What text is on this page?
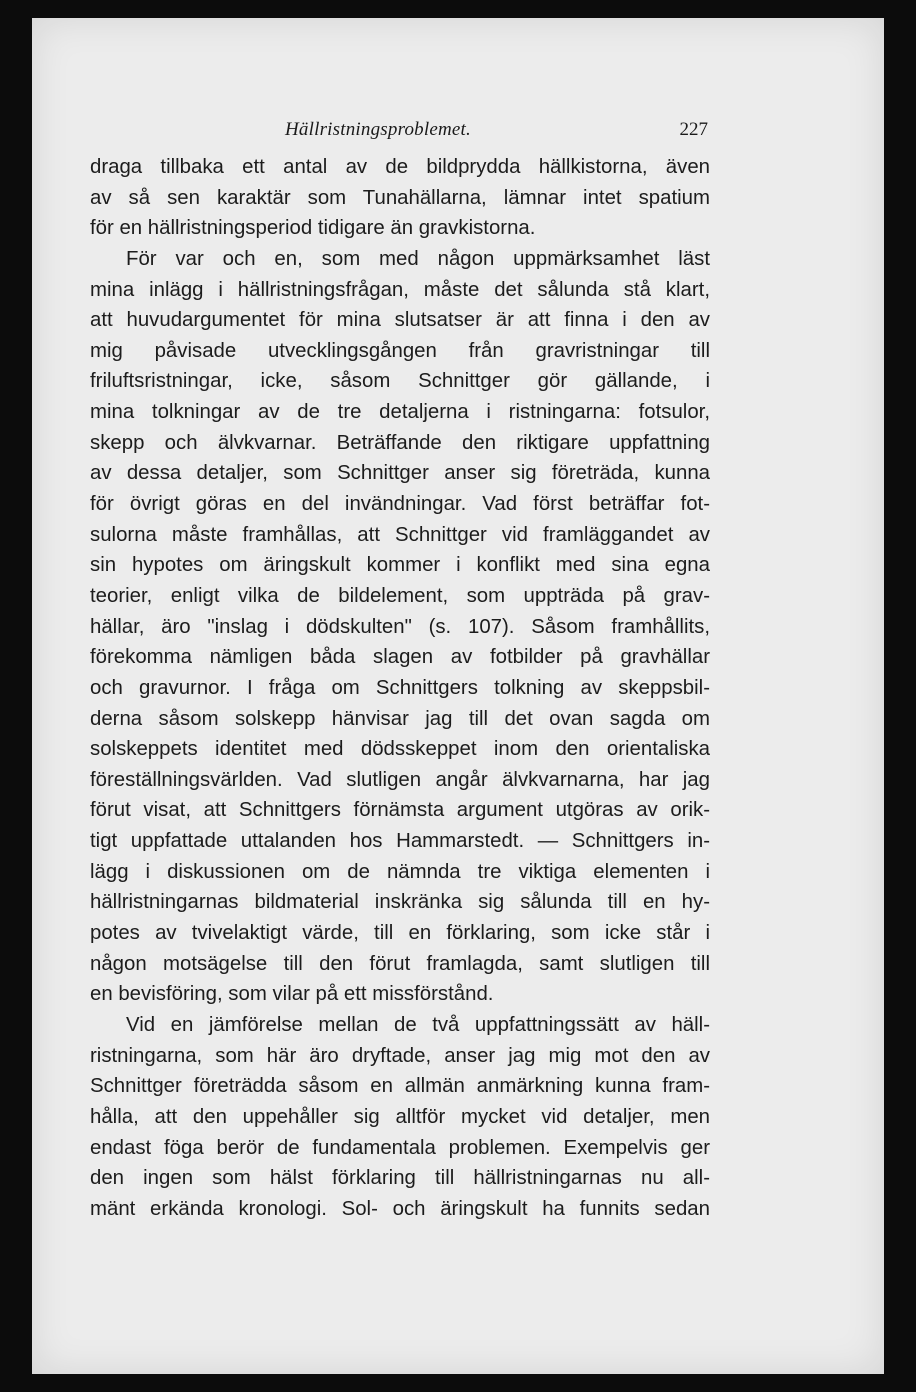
Hällristningsproblemet.	227
draga tillbaka ett antal av de bildprydda hällkistorna, även
av så sen karaktär som Tunahällarna, lämnar intet spatium
för en hällristningsperiod tidigare än gravkistorna.
För var och en, som med någon uppmärksamhet läst
mina inlägg i hällristningsfrågan, måste det sålunda stå klart,
att huvudargumentet för mina slutsatser är att finna i den av
mig påvisade utvecklingsgången från gravristningar till
friluftsristningar, icke, såsom Schnittger gör gällande, i
mina tolkningar av de tre detaljerna i ristningarna: fotsulor,
skepp och älvkvarnar. Beträffande den riktigare uppfattning
av dessa detaljer, som Schnittger anser sig företräda, kunna
för övrigt göras en del invändningar. Vad först beträffar fot-
sulorna måste framhållas, att Schnittger vid framläggandet av
sin hypotes om äringskult kommer i konflikt med sina egna
teorier, enligt vilka de bildelement, som uppträda på grav-
hällar, äro "inslag i dödskulten" (s. 107). Såsom framhållits,
förekomma nämligen båda slagen av fotbilder på gravhällar
och gravurnor. I fråga om Schnittgers tolkning av skeppsbil-
derna såsom solskepp hänvisar jag till det ovan sagda om
solskeppets identitet med dödsskeppet inom den orientaliska
föreställningsvärlden. Vad slutligen angår älvkvarnarna, har jag
förut visat, att Schnittgers förnämsta argument utgöras av orik-
tigt uppfattade uttalanden hos Hammarstedt. — Schnittgers in-
lägg i diskussionen om de nämnda tre viktiga elementen i
hällristningarnas bildmaterial inskränka sig sålunda till en hy-
potes av tvivelaktigt värde, till en förklaring, som icke står i
någon motsägelse till den förut framlagda, samt slutligen till
en bevisföring, som vilar på ett missförstånd.
Vid en jämförelse mellan de två uppfattningssätt av häll-
ristningarna, som här äro dryftade, anser jag mig mot den av
Schnittger företrädda såsom en allmän anmärkning kunna fram-
hålla, att den uppehåller sig alltför mycket vid detaljer, men
endast föga berör de fundamentala problemen. Exempelvis ger
den ingen som hälst förklaring till hällristningarnas nu all-
mänt erkända kronologi. Sol- och äringskult ha funnits sedan
